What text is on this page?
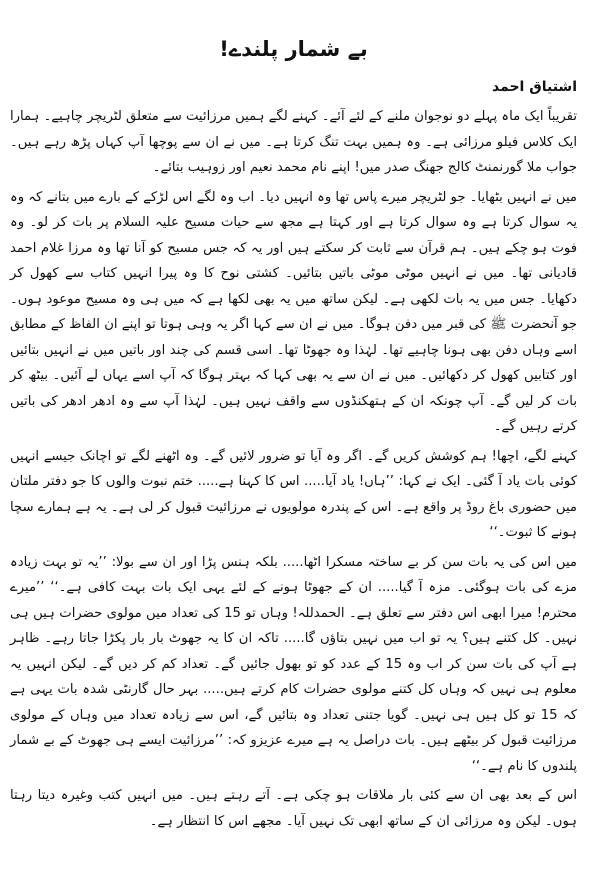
بے شمار پلندے!
اشتیاق احمد

تقریباً ایک ماہ پہلے دو نوجوان ملنے کے لئے آئے۔ کہنے لگے ہمیں مرزائیت سے متعلق لٹریچر چاہیے۔ ہمارا ایک کلاس فیلو مرزائی ہے۔ وہ ہمیں بہت تنگ کرتا ہے۔ میں نے ان سے پوچھا آپ کہاں پڑھ رہے ہیں۔ جواب ملا گورنمنٹ کالج جھنگ صدر میں! اپنے نام محمد نعیم اور زوہیب بتائے۔

میں نے انہیں بٹھایا۔ جو لٹریچر میرے پاس تھا وہ انہیں دیا۔ اب وہ لگے اس لڑکے کے بارے میں بتانے کہ وہ یہ سوال کرتا ہے وہ سوال کرتا ہے اور کہتا ہے مجھ سے حیات مسیح علیہ السلام پر بات کر لو۔ وہ فوت ہو چکے ہیں۔ ہم قرآن سے ثابت کر سکتے ہیں اور یہ کہ جس مسیح کو آنا تھا وہ مرزا غلام احمد قادیانی تھا۔ میں نے انہیں موٹی موٹی باتیں بتائیں۔ کشتی نوح کا وہ پیرا انہیں کتاب سے کھول کر دکھایا۔ جس میں یہ بات لکھی ہے۔ لیکن ساتھ میں یہ بھی لکھا ہے کہ میں ہی وہ مسیح موعود ہوں۔ جو آنحضرت ﷺ کی قبر میں دفن ہوگا۔ میں نے ان سے کہا اگر یہ وہی ہوتا تو اپنے ان الفاظ کے مطابق اسے وہاں دفن بھی ہونا چاہیے تھا۔ لہٰذا وہ جھوٹا تھا۔ اسی قسم کی چند اور باتیں میں نے انہیں بتائیں اور کتابیں کھول کر دکھائیں۔ میں نے ان سے یہ بھی کہا کہ بہتر ہوگا کہ آپ اسے یہاں لے آئیں۔ بیٹھ کر بات کر لیں گے۔ آپ چونکہ ان کے ہتھکنڈوں سے واقف نہیں ہیں۔ لہٰذا آپ سے وہ ادھر ادھر کی باتیں کرتے رہیں گے۔

کہنے لگے، اچھا! ہم کوشش کریں گے۔ اگر وہ آیا تو ضرور لائیں گے۔ وہ اٹھنے لگے تو اچانک جیسے انہیں کوئی بات یاد آ گئی۔ ایک نے کہا: ’’ہاں! یاد آیا..... اس کا کہنا ہے..... ختم نبوت والوں کا جو دفتر ملتان میں حضوری باغ روڈ پر واقع ہے۔ اس کے پندرہ مولویوں نے مرزائیت قبول کر لی ہے۔ یہ ہے ہمارے سچا ہونے کا ثبوت۔‘‘

میں اس کی یہ بات سن کر بے ساختہ مسکرا اٹھا..... بلکہ ہنس پڑا اور ان سے بولا: ’’یہ تو بہت زیادہ مزے کی بات ہوگئی۔ مزہ آ گیا..... ان کے جھوٹا ہونے کے لئے یہی ایک بات بہت کافی ہے۔‘‘ ’’میرے محترم! میرا ابھی اس دفتر سے تعلق ہے۔ الحمدللہ! وہاں تو 15 کی تعداد میں مولوی حضرات ہیں ہی نہیں۔ کل کتنے ہیں؟ یہ تو اب میں نہیں بتاؤں گا..... تاکہ ان کا یہ جھوٹ بار بار پکڑا جاتا رہے۔ ظاہر ہے آپ کی بات سن کر اب وہ 15 کے عدد کو تو بھول جائیں گے۔ تعداد کم کر دیں گے۔ لیکن انہیں یہ معلوم ہی نہیں کہ وہاں کل کتنے مولوی حضرات کام کرتے ہیں..... بہر حال گارنٹی شدہ بات یہی ہے کہ 15 تو کل ہیں ہی نہیں۔ گویا جتنی تعداد وہ بتائیں گے، اس سے زیادہ تعداد میں وہاں کے مولوی مرزائیت قبول کر بیٹھے ہیں۔ بات دراصل یہ ہے میرے عزیزو کہ: ’’مرزائیت ایسے ہی جھوٹ کے بے شمار پلندوں کا نام ہے۔‘‘

اس کے بعد بھی ان سے کئی بار ملاقات ہو چکی ہے۔ آتے رہتے ہیں۔ میں انہیں کتب وغیرہ دیتا رہتا ہوں۔ لیکن وہ مرزائی ان کے ساتھ ابھی تک نہیں آیا۔ مجھے اس کا انتظار ہے۔
